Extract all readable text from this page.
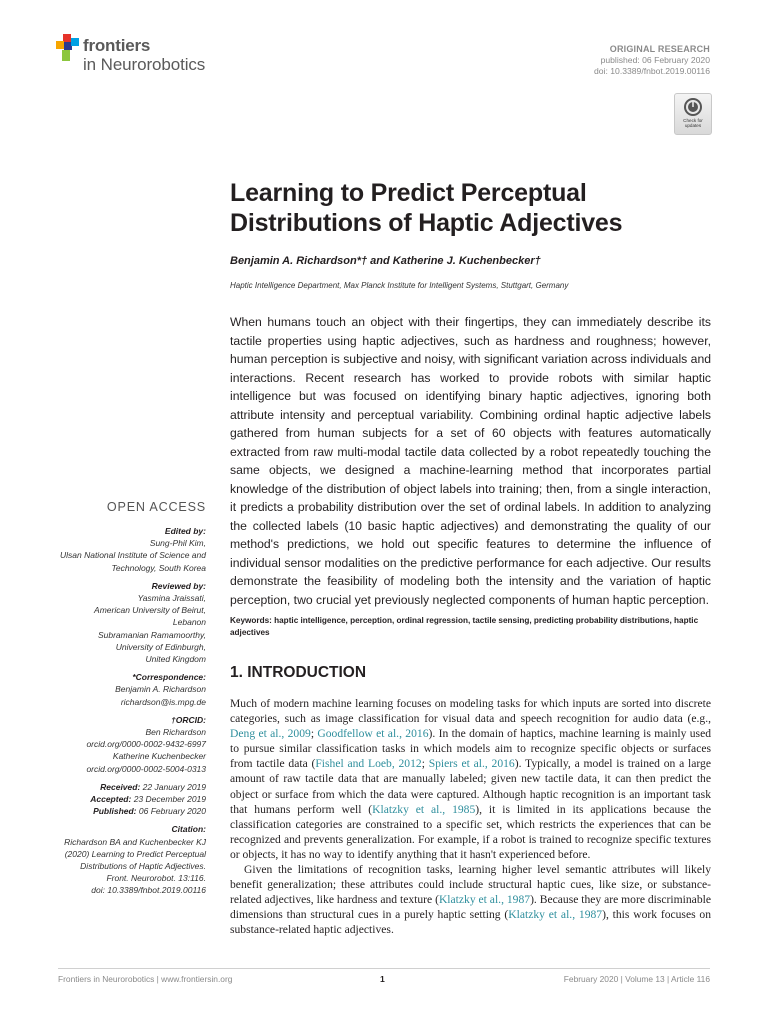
frontiers
in Neurorobotics
ORIGINAL RESEARCH
published: 06 February 2020
doi: 10.3389/fnbot.2019.00116
Check for updates
Learning to Predict Perceptual Distributions of Haptic Adjectives
Benjamin A. Richardson*† and Katherine J. Kuchenbecker†
Haptic Intelligence Department, Max Planck Institute for Intelligent Systems, Stuttgart, Germany

When humans touch an object with their fingertips, they can immediately describe its tactile properties using haptic adjectives, such as hardness and roughness; however, human perception is subjective and noisy, with significant variation across individuals and interactions. Recent research has worked to provide robots with similar haptic intelligence but was focused on identifying binary haptic adjectives, ignoring both attribute intensity and perceptual variability. Combining ordinal haptic adjective labels gathered from human subjects for a set of 60 objects with features automatically extracted from raw multi-modal tactile data collected by a robot repeatedly touching the same objects, we designed a machine-learning method that incorporates partial knowledge of the distribution of object labels into training; then, from a single interaction, it predicts a probability distribution over the set of ordinal labels. In addition to analyzing the collected labels (10 basic haptic adjectives) and demonstrating the quality of our method's predictions, we hold out specific features to determine the influence of individual sensor modalities on the predictive performance for each adjective. Our results demonstrate the feasibility of modeling both the intensity and the variation of haptic perception, two crucial yet previously neglected components of human haptic perception.

Keywords: haptic intelligence, perception, ordinal regression, tactile sensing, predicting probability distributions, haptic adjectives

1. INTRODUCTION

Much of modern machine learning focuses on modeling tasks for which inputs are sorted into discrete categories, such as image classification for visual data and speech recognition for audio data (e.g., Deng et al., 2009; Goodfellow et al., 2016). In the domain of haptics, machine learning is mainly used to pursue similar classification tasks in which models aim to recognize specific objects or surfaces from tactile data (Fishel and Loeb, 2012; Spiers et al., 2016). Typically, a model is trained on a large amount of raw tactile data that are manually labeled; given new tactile data, it can then predict the object or surface from which the data were captured. Although haptic recognition is an important task that humans perform well (Klatzky et al., 1985), it is limited in its applications because the classification categories are constrained to a specific set, which restricts the experiences that can be recognized and prevents generalization. For example, if a robot is trained to recognize specific textures or objects, it has no way to identify anything that it hasn't experienced before.

Given the limitations of recognition tasks, learning higher level semantic attributes will likely benefit generalization; these attributes could include structural haptic cues, like size, or substance-related adjectives, like hardness and texture (Klatzky et al., 1987). Because they are more discriminable dimensions than structural cues in a purely haptic setting (Klatzky et al., 1987), this work focuses on substance-related haptic adjectives.

OPEN ACCESS
Edited by:
Sung-Phil Kim,
Ulsan National Institute of Science and
Technology, South Korea
Reviewed by:
Yasmina Jraissati,
American University of Beirut,
Lebanon
Subramanian Ramamoorthy,
University of Edinburgh,
United Kingdom
*Correspondence:
Benjamin A. Richardson
richardson@is.mpg.de
†ORCID:
Ben Richardson
orcid.org/0000-0002-9432-6997
Katherine Kuchenbecker
orcid.org/0000-0002-5004-0313
Received: 22 January 2019
Accepted: 23 December 2019
Published: 06 February 2020
Citation:
Richardson BA and Kuchenbecker KJ
(2020) Learning to Predict Perceptual
Distributions of Haptic Adjectives.
Front. Neurorobot. 13:116.
doi: 10.3389/fnbot.2019.00116
Frontiers in Neurorobotics | www.frontiersin.org	1	February 2020 | Volume 13 | Article 116
